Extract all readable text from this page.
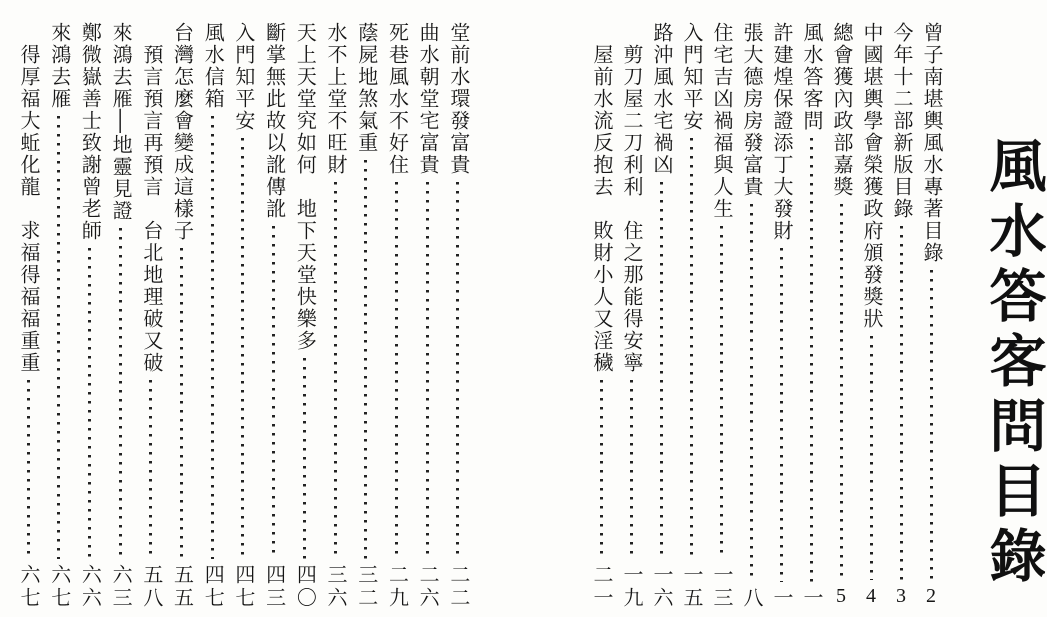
風水答客問目錄
曾子南堪輿風水專著目錄
2
今年十二部新版目錄
3
中國堪輿學會榮獲政府頒發獎狀
4
總會獲內政部嘉獎
5
風水答客問
一
許建煌保證添丁大發財
一
張大德房房發富貴
八
住宅吉凶禍福與人生
一三
入門知平安
一五
路沖風水宅禍凶
一六
剪刀屋二刀利利　住之那能得安寧
一九
屋前水流反抱去　敗財小人又淫穢
二一
堂前水環發富貴
二二
曲水朝堂宅富貴
二六
死巷風水不好住
二九
蔭屍地煞氣重
三二
水不上堂不旺財
三六
天上天堂究如何　地下天堂快樂多
四〇
斷掌無此故以訛傳訛
四三
入門知平安
四七
風水信箱
四七
台灣怎麼會變成這樣子
五五
預言預言再預言　台北地理破又破
五八
來鴻去雁│地靈見證
六三
鄭微嶽善士致謝曾老師
六六
來鴻去雁
六七
得厚福大蚯化龍　求福得福福重重
六七
